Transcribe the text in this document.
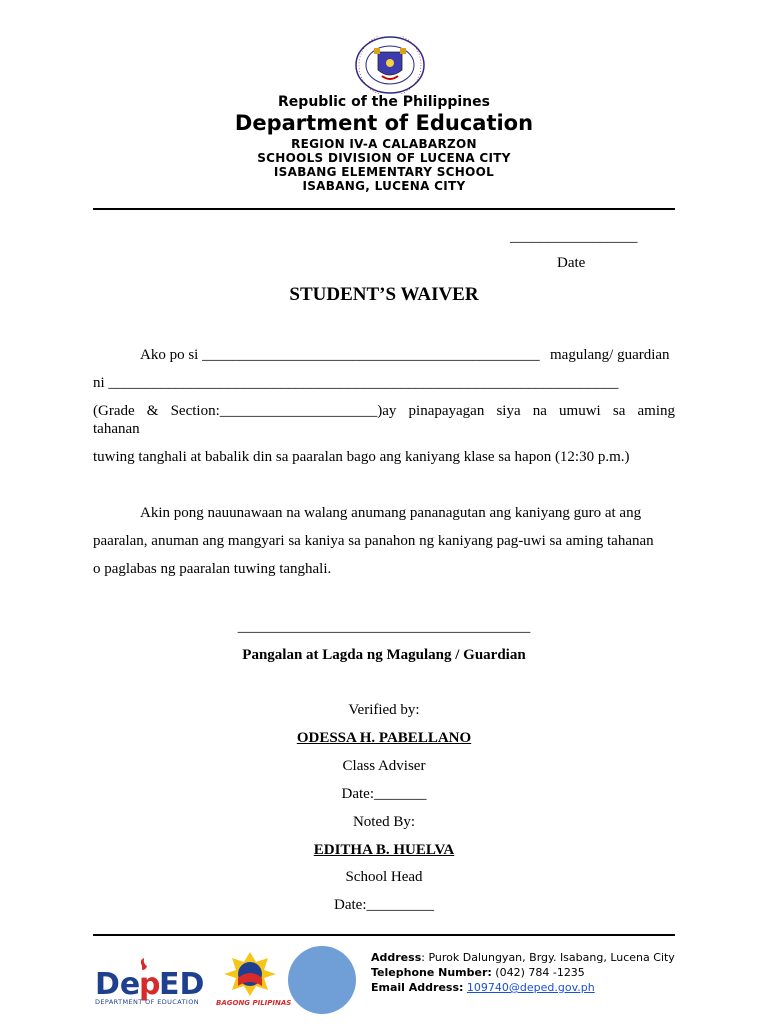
Republic of the Philippines
Department of Education
REGION IV-A CALABARZON
SCHOOLS DIVISION OF LUCENA CITY
ISABANG ELEMENTARY SCHOOL
ISABANG, LUCENA CITY
_________________
Date
STUDENT’S WAIVER
Ako po si _____________________________________________ magulang/ guardian
ni ____________________________________________________________________
(Grade & Section:_____________________)ay pinapayagan siya na umuwi sa aming
tahanan
tuwing tanghali at babalik din sa paaralan bago ang kaniyang klase sa hapon (12:30 p.m.)
Akin pong nauunawaan na walang anumang pananagutan ang kaniyang guro at ang
paaralan, anuman ang mangyari sa kaniya sa panahon ng kaniyang pag-uwi sa aming tahanan
o paglabas ng paaralan tuwing tanghali.
_______________________________________
Pangalan at Lagda ng Magulang / Guardian
Verified by:
ODESSA H. PABELLANO
Class Adviser
Date:_______
Noted By:
EDITHA B. HUELVA
School Head
Date:_________
De
p
ED
DEPARTMENT OF EDUCATION BAGONG PILIPINAS
Address: Purok Dalungyan, Brgy. Isabang, Lucena City
Telephone Number: (042) 784 -1235
Email Address: 109740@deped.gov.ph
